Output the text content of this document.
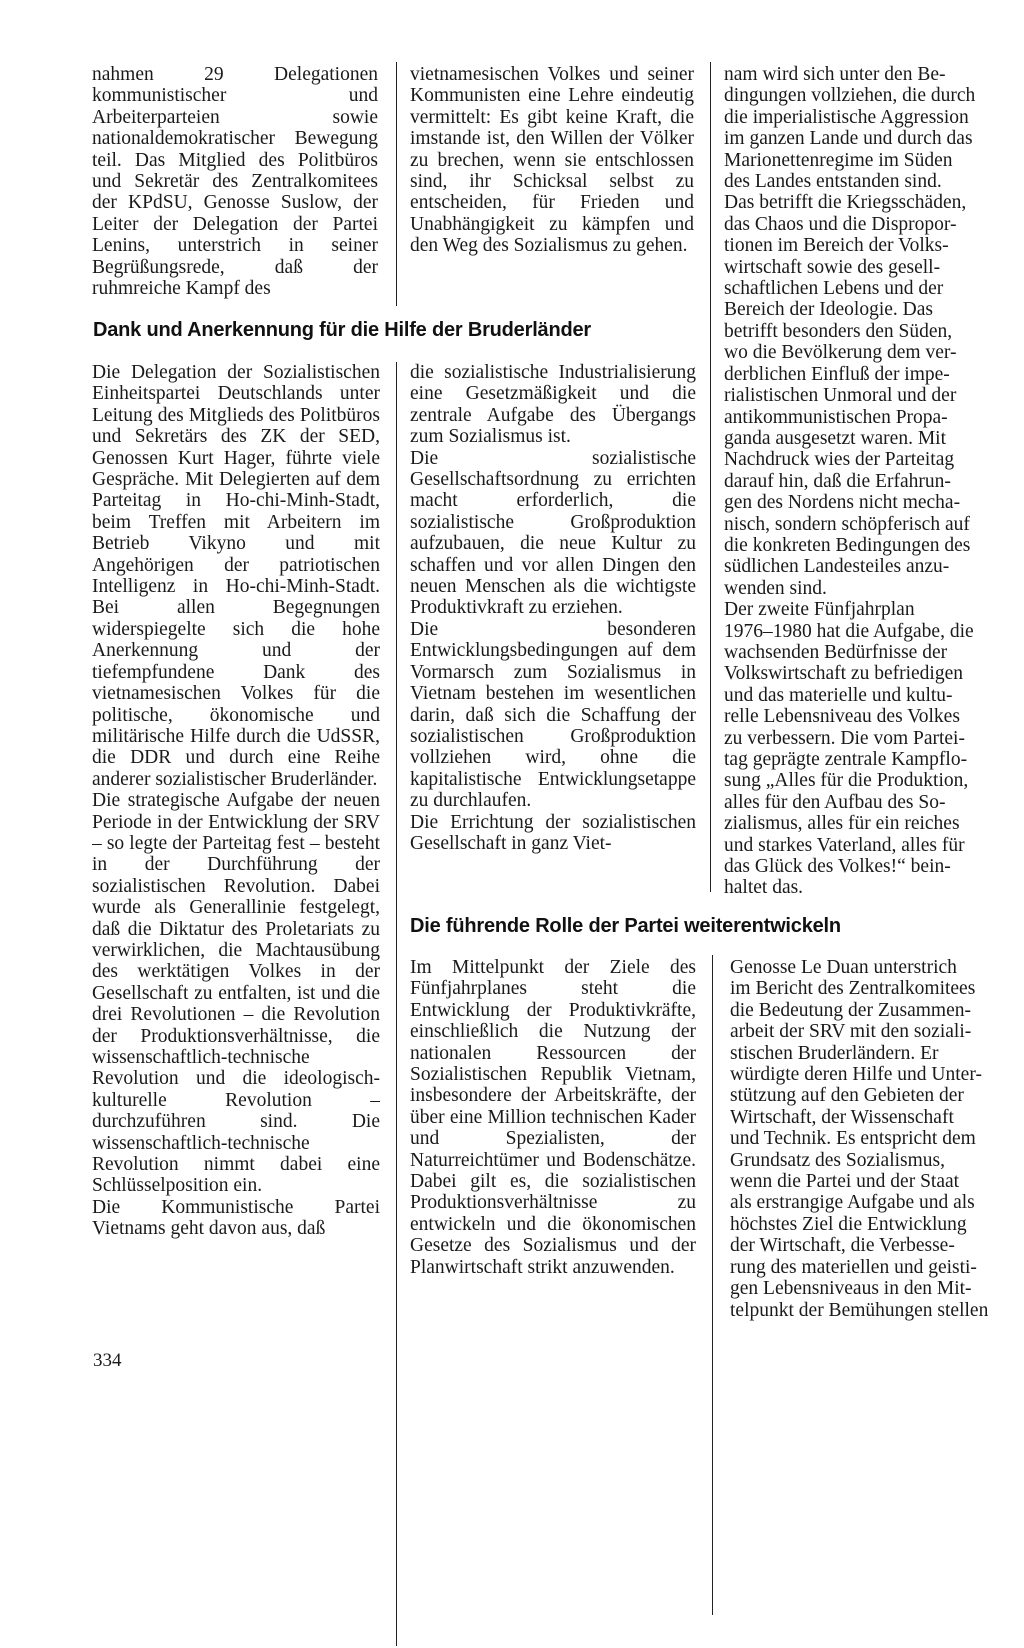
nahmen 29 Delegationen kommunistischer und Arbeiterparteien sowie nationaldemokratischer Bewegung teil. Das Mitglied des Politbüros und Sekretär des Zentralkomitees der KPdSU, Genosse Suslow, der Leiter der Delegation der Partei Lenins, unterstrich in seiner Begrüßungsrede, daß der ruhmreiche Kampf des

vietnamesischen Volkes und seiner Kommunisten eine Lehre eindeutig vermittelt: Es gibt keine Kraft, die imstande ist, den Willen der Völker zu brechen, wenn sie entschlossen sind, ihr Schicksal selbst zu entscheiden, für Frieden und Unabhängigkeit zu kämpfen und den Weg des Sozialismus zu gehen.

Dank und Anerkennung für die Hilfe der Bruderländer

Die Delegation der Sozialistischen Einheitspartei Deutschlands unter Leitung des Mitglieds des Politbüros und Sekretärs des ZK der SED, Genossen Kurt Hager, führte viele Gespräche. Mit Delegierten auf dem Parteitag in Ho-chi-Minh-Stadt, beim Treffen mit Arbeitern im Betrieb Vikyno und mit Angehörigen der patriotischen Intelligenz in Ho-chi-Minh-Stadt. Bei allen Begegnungen widerspiegelte sich die hohe Anerkennung und der tiefempfundene Dank des vietnamesischen Volkes für die politische, ökonomische und militärische Hilfe durch die UdSSR, die DDR und durch eine Reihe anderer sozialistischer Bruderländer.

Die strategische Aufgabe der neuen Periode in der Entwicklung der SRV – so legte der Parteitag fest – besteht in der Durchführung der sozialistischen Revolution. Dabei wurde als Generallinie festgelegt, daß die Diktatur des Proletariats zu verwirklichen, die Machtausübung des werktätigen Volkes in der Gesellschaft zu entfalten, ist und die drei Revolutionen – die Revolution der Produktionsverhältnisse, die wissenschaftlich-technische Revolution und die ideologisch-kulturelle Revolution – durchzuführen sind. Die wissenschaftlich-technische Revolution nimmt dabei eine Schlüsselposition ein.

Die Kommunistische Partei Vietnams geht davon aus, daß

die sozialistische Industrialisierung eine Gesetzmäßigkeit und die zentrale Aufgabe des Übergangs zum Sozialismus ist.

Die sozialistische Gesellschaftsordnung zu errichten macht erforderlich, die sozialistische Großproduktion aufzubauen, die neue Kultur zu schaffen und vor allen Dingen den neuen Menschen als die wichtigste Produktivkraft zu erziehen.

Die besonderen Entwicklungsbedingungen auf dem Vormarsch zum Sozialismus in Vietnam bestehen im wesentlichen darin, daß sich die Schaffung der sozialistischen Großproduktion vollziehen wird, ohne die kapitalistische Entwicklungsetappe zu durchlaufen.

Die Errichtung der sozialistischen Gesellschaft in ganz Viet-

nam wird sich unter den Be-
dingungen vollziehen, die durch
die imperialistische Aggression
im ganzen Lande und durch das
Marionettenregime im Süden
des Landes entstanden sind.
Das betrifft die Kriegsschäden,
das Chaos und die Dispropor-
tionen im Bereich der Volks-
wirtschaft sowie des gesell-
schaftlichen Lebens und der
Bereich der Ideologie. Das
betrifft besonders den Süden,
wo die Bevölkerung dem ver-
derblichen Einfluß der impe-
rialistischen Unmoral und der
antikommunistischen Propa-
ganda ausgesetzt waren. Mit
Nachdruck wies der Parteitag
darauf hin, daß die Erfahrun-
gen des Nordens nicht mecha-
nisch, sondern schöpferisch auf
die konkreten Bedingungen des
südlichen Landesteiles anzu-
wenden sind.

Der zweite Fünfjahrplan
1976–1980 hat die Aufgabe, die
wachsenden Bedürfnisse der
Volkswirtschaft zu befriedigen
und das materielle und kultu-
relle Lebensniveau des Volkes
zu verbessern. Die vom Partei-
tag geprägte zentrale Kampflo-
sung „Alles für die Produktion,
alles für den Aufbau des So-
zialismus, alles für ein reiches
und starkes Vaterland, alles für
das Glück des Volkes!“ bein-
haltet das.

Die führende Rolle der Partei weiterentwickeln

Im Mittelpunkt der Ziele des Fünfjahrplanes steht die Entwicklung der Produktivkräfte, einschließlich die Nutzung der nationalen Ressourcen der Sozialistischen Republik Vietnam, insbesondere der Arbeitskräfte, der über eine Million technischen Kader und Spezialisten, der Naturreichtümer und Bodenschätze. Dabei gilt es, die sozialistischen Produktionsverhältnisse zu entwickeln und die ökonomischen Gesetze des Sozialismus und der Planwirtschaft strikt anzuwenden.

Genosse Le Duan unterstrich
im Bericht des Zentralkomitees
die Bedeutung der Zusammen-
arbeit der SRV mit den soziali-
stischen Bruderländern. Er
würdigte deren Hilfe und Unter-
stützung auf den Gebieten der
Wirtschaft, der Wissenschaft
und Technik. Es entspricht dem
Grundsatz des Sozialismus,
wenn die Partei und der Staat
als erstrangige Aufgabe und als
höchstes Ziel die Entwicklung
der Wirtschaft, die Verbesse-
rung des materiellen und geisti-
gen Lebensniveaus in den Mit-
telpunkt der Bemühungen stellen

334
